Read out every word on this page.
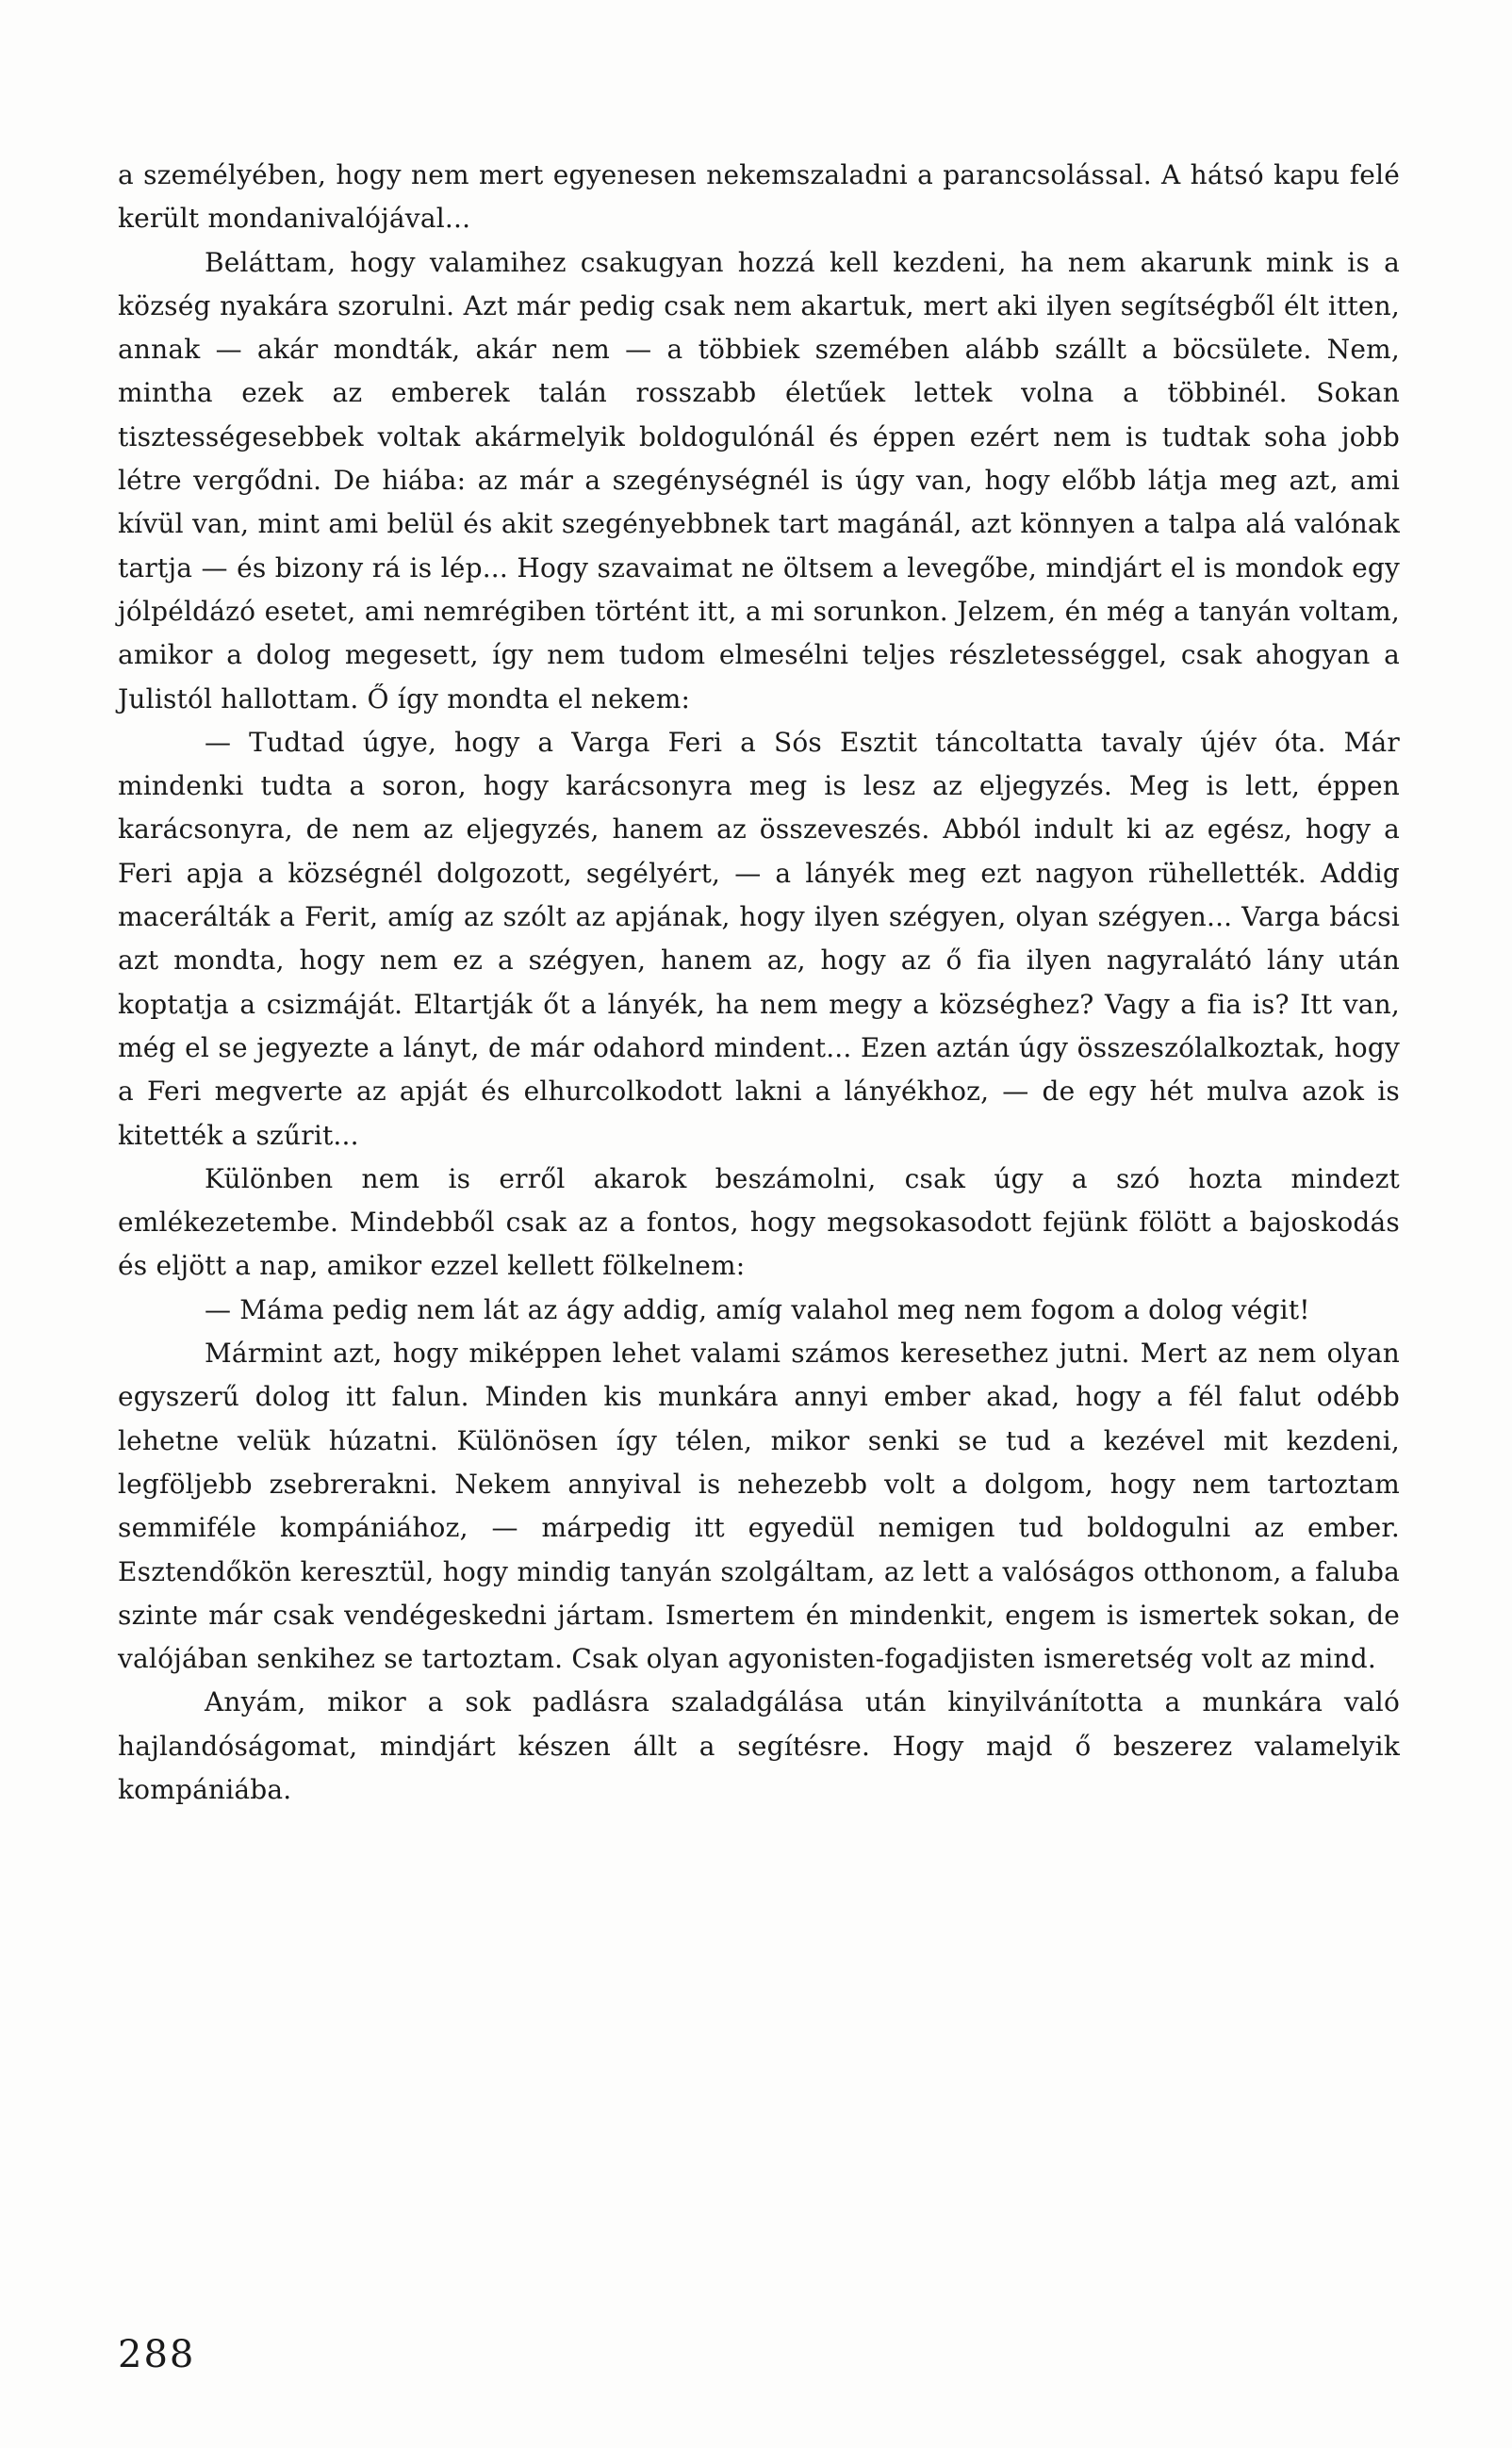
a személyében, hogy nem mert egyenesen nekemszaladni a parancsolással. A hátsó kapu felé került mondanivalójával...

Beláttam, hogy valamihez csakugyan hozzá kell kezdeni, ha nem akarunk mink is a község nyakára szorulni. Azt már pedig csak nem akartuk, mert aki ilyen segítségből élt itten, annak — akár mondták, akár nem — a többiek szemében alább szállt a böcsülete. Nem, mintha ezek az emberek talán rosszabb életűek lettek volna a többinél. Sokan tisztességesebbek voltak akármelyik boldogulónál és éppen ezért nem is tudtak soha jobb létre vergődni. De hiába: az már a szegénységnél is úgy van, hogy előbb látja meg azt, ami kívül van, mint ami belül és akit szegényebbnek tart magánál, azt könnyen a talpa alá valónak tartja — és bizony rá is lép... Hogy szavaimat ne öltsem a levegőbe, mindjárt el is mondok egy jólpéldázó esetet, ami nemrégiben történt itt, a mi sorunkon. Jelzem, én még a tanyán voltam, amikor a dolog megesett, így nem tudom elmesélni teljes részletességgel, csak ahogyan a Julistól hallottam. Ő így mondta el nekem:

— Tudtad úgye, hogy a Varga Feri a Sós Esztit táncoltatta tavaly újév óta. Már mindenki tudta a soron, hogy karácsonyra meg is lesz az eljegyzés. Meg is lett, éppen karácsonyra, de nem az eljegyzés, hanem az összeveszés. Abból indult ki az egész, hogy a Feri apja a községnél dolgozott, segélyért, — a lányék meg ezt nagyon rühellették. Addig macerálták a Ferit, amíg az szólt az apjának, hogy ilyen szégyen, olyan szégyen... Varga bácsi azt mondta, hogy nem ez a szégyen, hanem az, hogy az ő fia ilyen nagyralátó lány után koptatja a csizmáját. Eltartják őt a lányék, ha nem megy a községhez? Vagy a fia is? Itt van, még el se jegyezte a lányt, de már odahord mindent... Ezen aztán úgy összeszólalkoztak, hogy a Feri megverte az apját és elhurcolkodott lakni a lányékhoz, — de egy hét mulva azok is kitették a szűrit...

Különben nem is erről akarok beszámolni, csak úgy a szó hozta mindezt emlékezetembe. Mindebből csak az a fontos, hogy megsokasodott fejünk fölött a bajoskodás és eljött a nap, amikor ezzel kellett fölkelnem:

— Máma pedig nem lát az ágy addig, amíg valahol meg nem fogom a dolog végit!

Mármint azt, hogy miképpen lehet valami számos keresethez jutni. Mert az nem olyan egyszerű dolog itt falun. Minden kis munkára annyi ember akad, hogy a fél falut odébb lehetne velük húzatni. Különösen így télen, mikor senki se tud a kezével mit kezdeni, legföljebb zsebrerakni. Nekem annyival is nehezebb volt a dolgom, hogy nem tartoztam semmiféle kompániához, — márpedig itt egyedül nemigen tud boldogulni az ember. Esztendőkön keresztül, hogy mindig tanyán szolgáltam, az lett a valóságos otthonom, a faluba szinte már csak vendégeskedni jártam. Ismertem én mindenkit, engem is ismertek sokan, de valójában senkihez se tartoztam. Csak olyan agyonisten-fogadjisten ismeretség volt az mind.

Anyám, mikor a sok padlásra szaladgálása után kinyilvánította a munkára való hajlandóságomat, mindjárt készen állt a segítésre. Hogy majd ő beszerez valamelyik kompániába.

288
